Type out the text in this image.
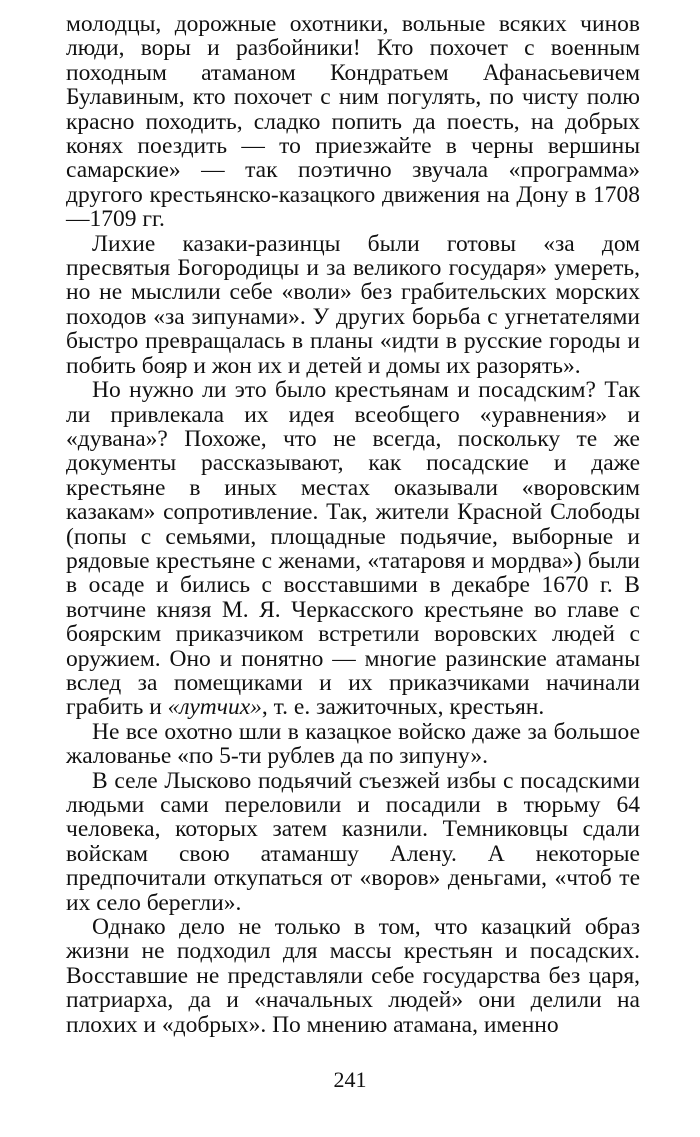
молодцы, дорожные охотники, вольные всяких чинов люди, воры и разбойники! Кто похочет с военным походным атаманом Кондратьем Афанасьевичем Булавиным, кто похочет с ним погулять, по чисту полю красно походить, сладко попить да поесть, на добрых конях поездить — то приезжайте в черны вершины самарские» — так поэтично звучала «программа» другого крестьянско-казацкого движения на Дону в 1708—1709 гг.

Лихие казаки-разинцы были готовы «за дом пресвятыя Богородицы и за великого государя» умереть, но не мыслили себе «воли» без грабительских морских походов «за зипунами». У других борьба с угнетателями быстро превращалась в планы «идти в русские городы и побить бояр и жон их и детей и домы их разорять».

Но нужно ли это было крестьянам и посадским? Так ли привлекала их идея всеобщего «уравнения» и «дувана»? Похоже, что не всегда, поскольку те же документы рассказывают, как посадские и даже крестьяне в иных местах оказывали «воровским казакам» сопротивление. Так, жители Красной Слободы (попы с семьями, площадные подьячие, выборные и рядовые крестьяне с женами, «татаровя и мордва») были в осаде и бились с восставшими в декабре 1670 г. В вотчине князя М. Я. Черкасского крестьяне во главе с боярским приказчиком встретили воровских людей с оружием. Оно и понятно — многие разинские атаманы вслед за помещиками и их приказчиками начинали грабить и «лутчих», т. е. зажиточных, крестьян.

Не все охотно шли в казацкое войско даже за большое жалованье «по 5-ти рублев да по зипуну».

В селе Лысково подьячий съезжей избы с посадскими людьми сами переловили и посадили в тюрьму 64 человека, которых затем казнили. Темниковцы сдали войскам свою атаманшу Алену. А некоторые предпочитали откупаться от «воров» деньгами, «чтоб те их село берегли».

Однако дело не только в том, что казацкий образ жизни не подходил для массы крестьян и посадских. Восставшие не представляли себе государства без царя, патриарха, да и «начальных людей» они делили на плохих и «добрых». По мнению атамана, именно

241
